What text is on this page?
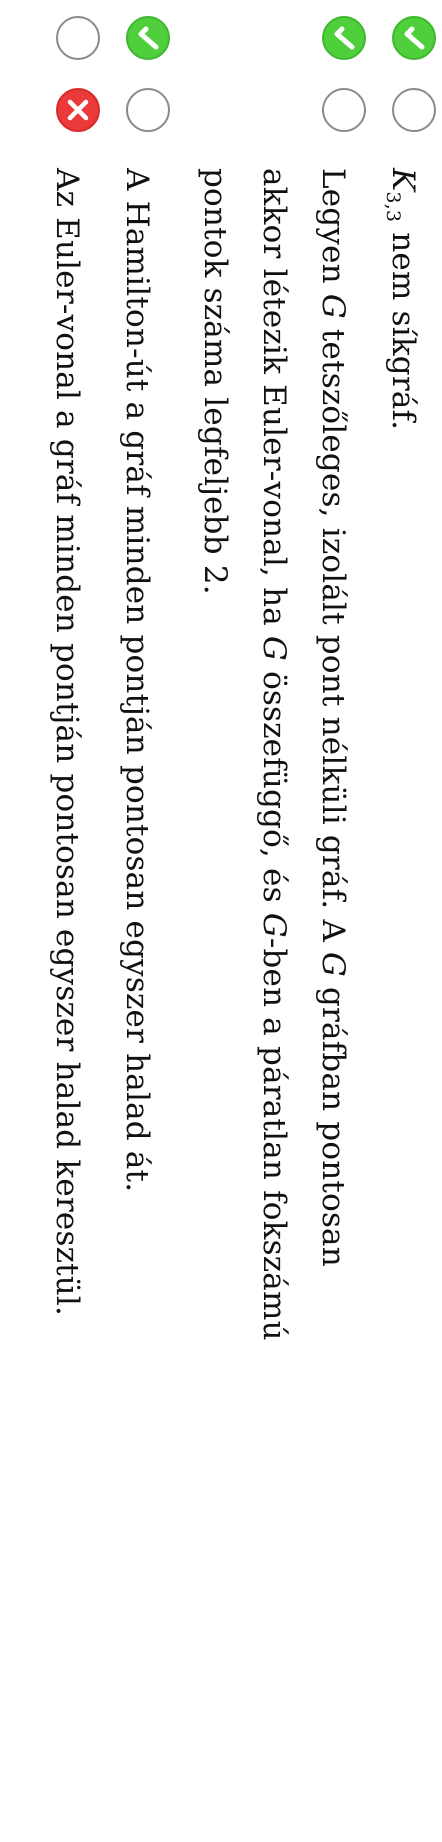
$K_{3,3}$ nem síkgráf.
Legyen G tetszőleges, izolált pont nélküli gráf. A G gráfban pontosan
akkor létezik Euler-vonal, ha G összefüggő, és G-ben a páratlan fokszámú
pontok száma legfeljebb 2.
A Hamilton-út a gráf minden pontján pontosan egyszer halad át.
Az Euler-vonal a gráf minden pontján pontosan egyszer halad keresztül.
